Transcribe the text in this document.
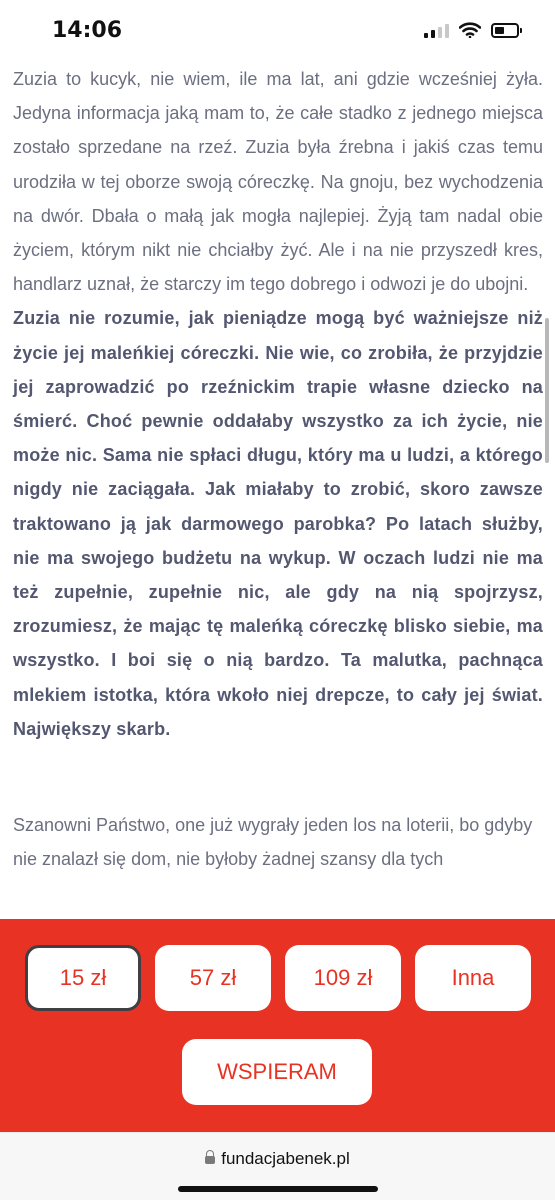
14:06

Zuzia to kucyk, nie wiem, ile ma lat, ani gdzie wcześniej żyła. Jedyna informacja jaką mam to, że całe stadko z jednego miejsca zostało sprzedane na rzeź. Zuzia była źrebna i jakiś czas temu urodziła w tej oborze swoją córeczkę. Na gnoju, bez wychodzenia na dwór. Dbała o małą jak mogła najlepiej. Żyją tam nadal obie życiem, którym nikt nie chciałby żyć. Ale i na nie przyszedł kres, handlarz uznał, że starczy im tego dobrego i odwozi je do ubojni.

Zuzia nie rozumie, jak pieniądze mogą być ważniejsze niż życie jej maleńkiej córeczki. Nie wie, co zrobiła, że przyjdzie jej zaprowadzić po rzeźnickim trapie własne dziecko na śmierć. Choć pewnie oddałaby wszystko za ich życie, nie może nic. Sama nie spłaci długu, który ma u ludzi, a którego nigdy nie zaciągała. Jak miałaby to zrobić, skoro zawsze traktowano ją jak darmowego parobka? Po latach służby, nie ma swojego budżetu na wykup. W oczach ludzi nie ma też zupełnie, zupełnie nic, ale gdy na nią spojrzysz, zrozumiesz, że mając tę maleńką córeczkę blisko siebie, ma wszystko. I boi się o nią bardzo. Ta malutka, pachnąca mlekiem istotka, która wkoło niej drepcze, to cały jej świat. Największy skarb.

Szanowni Państwo, one już wygrały jeden los na loterii, bo gdyby nie znalazł się dom, nie byłoby żadnej szansy dla tych

15 zł	57 zł	109 zł	Inna
WSPIERAM
fundacjabenek.pl
